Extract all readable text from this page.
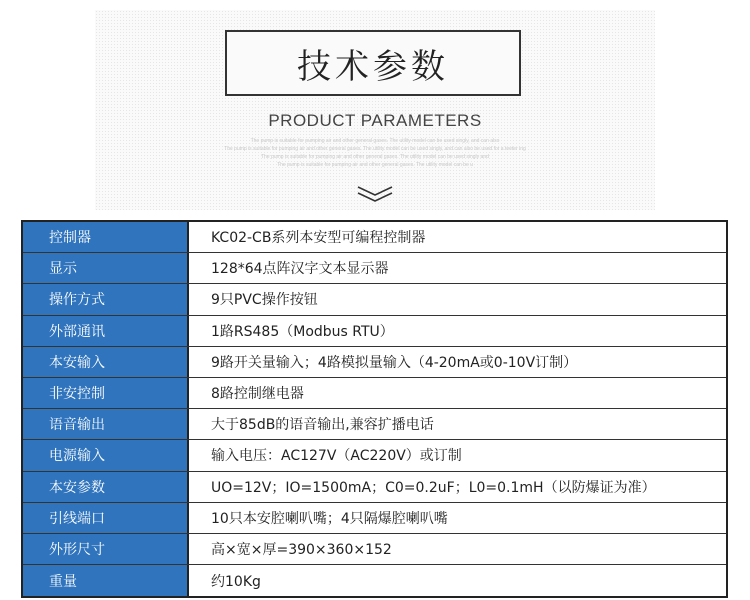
技术参数
PRODUCT PARAMETERS
The pump is suitable for pumping air and other general gases. The utility model can be used singly, and can also
The pump is suitable for pumping air and other general gases. The utility model can be used singly, and can also be used for a teeter ing
The pump is suitable for pumping air and other general gases. The utility model can be used singly and
The pump is suitable for pumping air and other general gases. The utility model can be u
控制器	KC02-CB系列本安型可编程控制器
显示	128*64点阵汉字文本显示器
操作方式	9只PVC操作按钮
外部通讯	1路RS485（Modbus RTU）
本安输入	9路开关量输入；4路模拟量输入（4-20mA或0-10V订制）
非安控制	8路控制继电器
语音输出	大于85dB的语音输出,兼容扩播电话
电源输入	输入电压：AC127V（AC220V）或订制
本安参数	UO=12V；IO=1500mA；C0=0.2uF；L0=0.1mH（以防爆证为准）
引线端口	10只本安腔喇叭嘴；4只隔爆腔喇叭嘴
外形尺寸	高×宽×厚=390×360×152
重量	约10Kg
